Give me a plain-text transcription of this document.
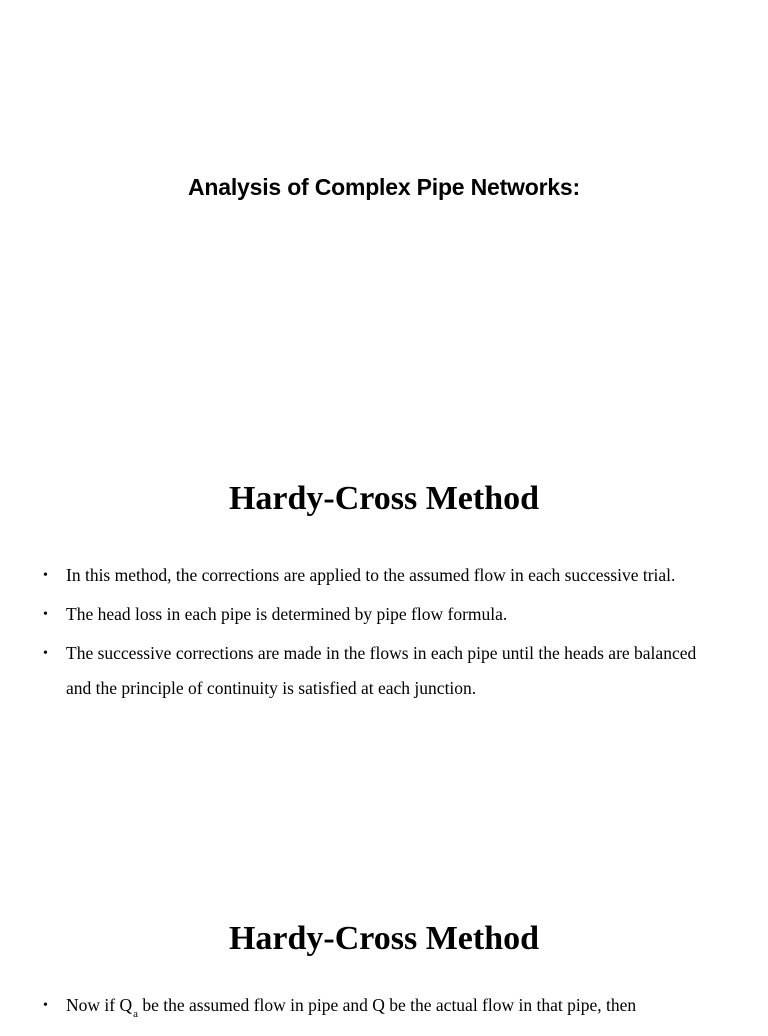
Analysis of Complex Pipe Networks:
Hardy-Cross Method
• In this method, the corrections are applied to the assumed flow in each successive trial.
• The head loss in each pipe is determined by pipe flow formula.
• The successive corrections are made in the flows in each pipe until the heads are balanced and the principle of continuity is satisfied at each junction.
Hardy-Cross Method
• Now if $Q_a$ be the assumed flow in pipe and Q be the actual flow in that pipe, then
